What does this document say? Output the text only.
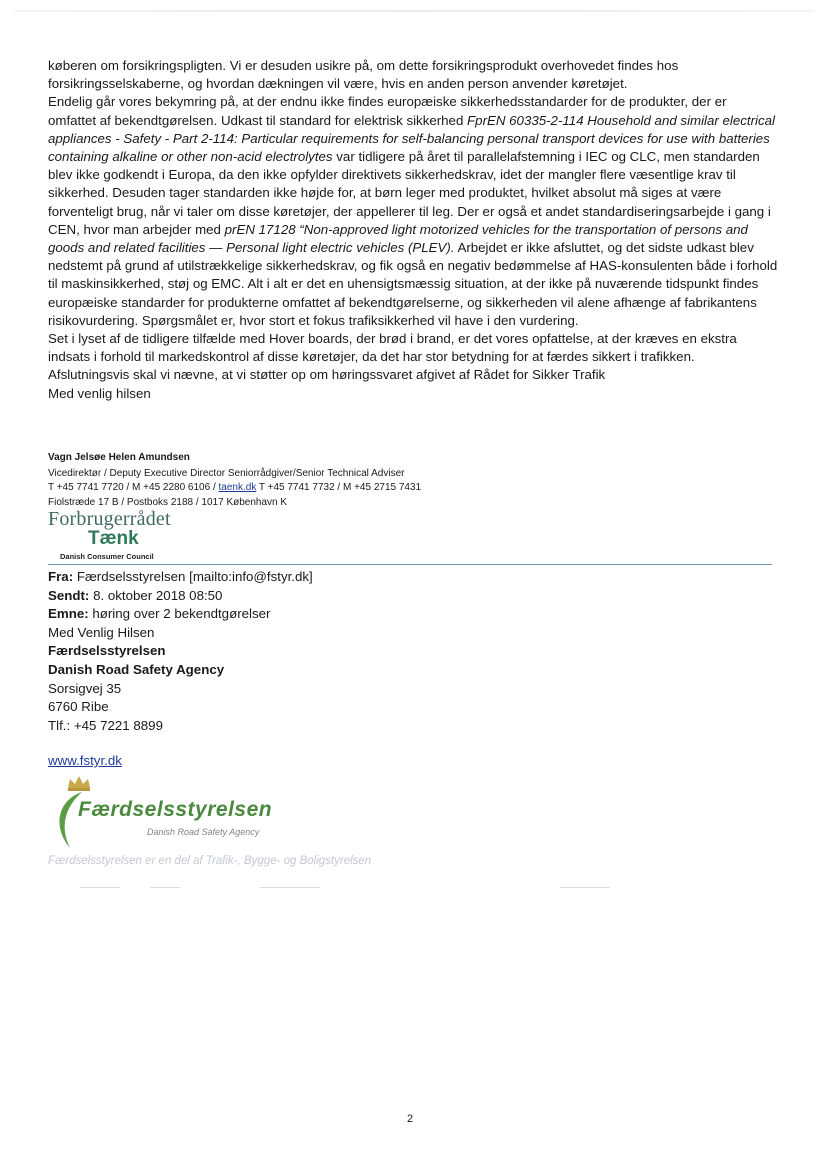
køberen om forsikringspligten. Vi er desuden usikre på, om dette forsikringsprodukt overhovedet findes hos forsikringsselskaberne, og hvordan dækningen vil være, hvis en anden person anvender køretøjet.

Endelig går vores bekymring på, at der endnu ikke findes europæiske sikkerhedsstandarder for de produkter, der er omfattet af bekendtgørelsen. Udkast til standard for elektrisk sikkerhed FprEN 60335-2-114 Household and similar electrical appliances - Safety - Part 2-114: Particular requirements for self-balancing personal transport devices for use with batteries containing alkaline or other non-acid electrolytes var tidligere på året til parallelafstemning i IEC og CLC, men standarden blev ikke godkendt i Europa, da den ikke opfylder direktivets sikkerhedskrav, idet der mangler flere væsentlige krav til sikkerhed. Desuden tager standarden ikke højde for, at børn leger med produktet, hvilket absolut må siges at være forventeligt brug, når vi taler om disse køretøjer, der appellerer til leg. Der er også et andet standardiseringsarbejde i gang i CEN, hvor man arbejder med prEN 17128 “Non-approved light motorized vehicles for the transportation of persons and goods and related facilities — Personal light electric vehicles (PLEV). Arbejdet er ikke afsluttet, og det sidste udkast blev nedstemt på grund af utilstrækkelige sikkerhedskrav, og fik også en negativ bedømmelse af HAS-konsulenten både i forhold til maskinsikkerhed, støj og EMC. Alt i alt er det en uhensigtsmæssig situation, at der ikke på nuværende tidspunkt findes europæiske standarder for produkterne omfattet af bekendtgørelserne, og sikkerheden vil alene afhænge af fabrikantens risikovurdering. Spørgsmålet er, hvor stort et fokus trafiksikkerhed vil have i den vurdering.

Set i lyset af de tidligere tilfælde med Hover boards, der brød i brand, er det vores opfattelse, at der kræves en ekstra indsats i forhold til markedskontrol af disse køretøjer, da det har stor betydning for at færdes sikkert i trafikken.

Afslutningsvis skal vi nævne, at vi støtter op om høringssvaret afgivet af Rådet for Sikker Trafik

Med venlig hilsen

Vagn Jelsøe Helen Amundsen
Vicedirektør / Deputy Executive Director Seniorrådgiver/Senior Technical Adviser
T +45 7741 7720 / M +45 2280 6106 / taenk.dk T +45 7741 7732 / M +45 2715 7431
Fiolstræde 17 B / Postboks 2188 / 1017 København K
Forbrugerrådet
Tænk
Danish Consumer Council
Fra: Færdselsstyrelsen [mailto:info@fstyr.dk]
Sendt: 8. oktober 2018 08:50
Emne: høring over 2 bekendtgørelser
Med Venlig Hilsen
Færdselsstyrelsen
Danish Road Safety Agency
Sorsigvej 35
6760 Ribe
Tlf.: +45 7221 8899
www.fstyr.dk
Færdselsstyrelsen
Danish Road Safety Agency
Færdselsstyrelsen er en del af Trafik-, Bygge- og Boligstyrelsen
2
